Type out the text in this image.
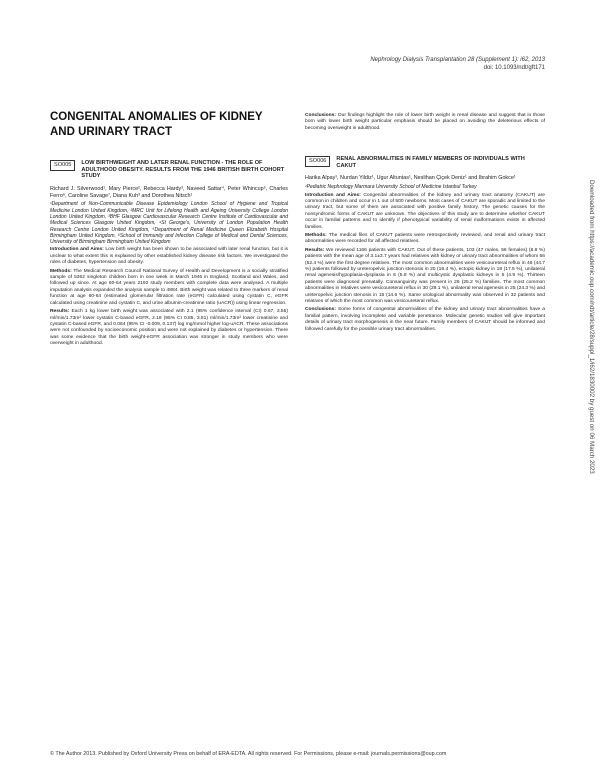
Nephrology Dialysis Transplantation 28 (Supplement 1): i62, 2013
doi: 10.1093/ndt/gft171
CONGENITAL ANOMALIES OF KIDNEY AND URINARY TRACT
SO005	LOW BIRTHWEIGHT AND LATER RENAL FUNCTION - THE ROLE OF ADULTHOOD OBESITY. RESULTS FROM THE 1946 BRITISH BIRTH COHORT STUDY

Richard J. Silverwood¹, Mary Pierce², Rebecca Hardy³, Naveed Sattar⁴, Peter Whincup⁵, Charles Ferro⁶, Caroline Savage⁷, Diana Kuh³ and Dorothea Nitsch¹

¹Department of Non-Communicable Disease Epidemiology London School of Hygiene and Tropical Medicine London United Kingdom, ²MRC Unit for Lifelong Health and Ageing University College London London United Kingdom, ³BHF Glasgow Cardiovascular Research Centre Institute of Cardiovascular and Medical Sciences Glasgow United Kingdom, ⁴St George's, University of London Population Health Research Centre London United Kingdom, ⁵Department of Renal Medicine Queen Elizabeth Hospital Birmingham United Kingdom, ⁶School of Immunity and Infection College of Medical and Dental Sciences, University of Birmingham Birmingham United Kingdom

Introduction and Aims: Low birth weight has been shown to be associated with later renal function, but it is unclear to what extent this is explained by other established kidney disease risk factors. We investigated the roles of diabetes, hypertension and obesity.

Methods: The Medical Research Council National Survey of Health and Development is a socially stratified sample of 5362 singleton children born in one week in March 1946 in England, Scotland and Wales, and followed up since. At age 60-64 years 2192 study members with complete data were analysed. A multiple imputation analysis expanded the analysis sample to 4884. Birth weight was related to three markers of renal function at age 60-64 (estimated glomerular filtration rate (eGFR) calculated using cystatin C, eGFR calculated using creatinine and cystatin C, and urine albumin-creatinine ratio (uACR)) using linear regression.

Results: Each 1 kg lower birth weight was associated with 2.1 (95% confidence interval (CI) 0.67, 3.55) ml/min/1.73m² lower cystatin C-based eGFR, 2.18 (95% CI 0.85, 3.51) ml/min/1.73m² lower creatinine and cystatin C-based eGFR, and 0.064 (95% CI -0.009, 0.137) log mg/mmol higher log-uACR. These associations were not confounded by socioeconomic position and were not explained by diabetes or hypertension. There was some evidence that the birth weight-eGFR association was stronger in study members who were overweight in adulthood.

Conclusions: Our findings highlight the role of lower birth weight in renal disease and suggest that in those born with lower birth weight particular emphasis should be placed on avoiding the deleterious effects of becoming overweight in adulthood.

SO006	RENAL ABNORMALITIES IN FAMILY MEMBERS OF INDIVIDUALS WITH CAKUT

Harika Alpay¹, Nurdan Yildiz¹, Ugur Altuntas¹, Neslihan Çiçek Deniz¹ and Ibrahim Gokce¹

¹Pediatric Nephrology Marmara University School of Medicine Istanbul Turkey

Introduction and Aims: Congenital abnormalities of the kidney and urinary tract anatomy (CAKUT) are common in children and occur in 1 out of 500 newborns. Most cases of CAKUT are sporadic and limited to the urinary tract, but some of them are associated with positive family history. The genetic causes for the nonsyndromic forms of CAKUT are unknown. The objectives of this study are to determine whether CAKUT occur in familial patterns and to identify if phenotypical variability of renal malformations exists in affected families.

Methods: The medical files of CAKUT patients were retrospectively reviewed, and renal and urinary tract abnormalities were recorded for all affected relatives.

Results: We reviewed 1166 patients with CAKUT. Out of these patients, 103 (47 males, 56 females) (8.8 %) patients with the mean age of 3.1±3.7 years had relatives with kidney or urinary tract abnormalities of whom 56 (52.4 %) were the first degree relatives. The most common abnormalities were vesicoureteral reflux in 46 (44.7 %) patients followed by ureteropelvic junction stenosis in 20 (19.4 %), ectopic kidney in 18 (17.5 %), unilateral renal agenesis/hypoplasia-dysplasia in 6 (5.8 %) and multicystic dysplastic kidneys in 5 (4.9 %). Thirteen patients were diagnosed prenatally. Consanguinity was present in 26 (25.2 %) families. The most common abnormalities in relatives were vesicoureteral reflux in 30 (29.1 %), unilateral renal agenesis in 25 (24.3 %) and ureteropelvic junction stenosis in 15 (14.6 %). Same urological abnormality was observed in 32 patients and relatives of which the most common was vesicoureteral reflux.

Conclusions: Some forms of congenital abnormalities of the kidney and urinary tract abnormalities have a familial pattern, involving incomplete and variable penetrance. Molecular genetic studies will give important details of urinary tract morphogenesis in the near future. Family members of CAKUT should be informed and followed carefully for the possible urinary tract abnormalities.	Downloaded from https://academic.oup.com/ndt/article/28/suppl_1/i62/1830002 by guest on 06 March 2023
© The Author 2013. Published by Oxford University Press on behalf of ERA-EDTA. All rights reserved. For Permissions, please e-mail: journals.permissions@oup.com
